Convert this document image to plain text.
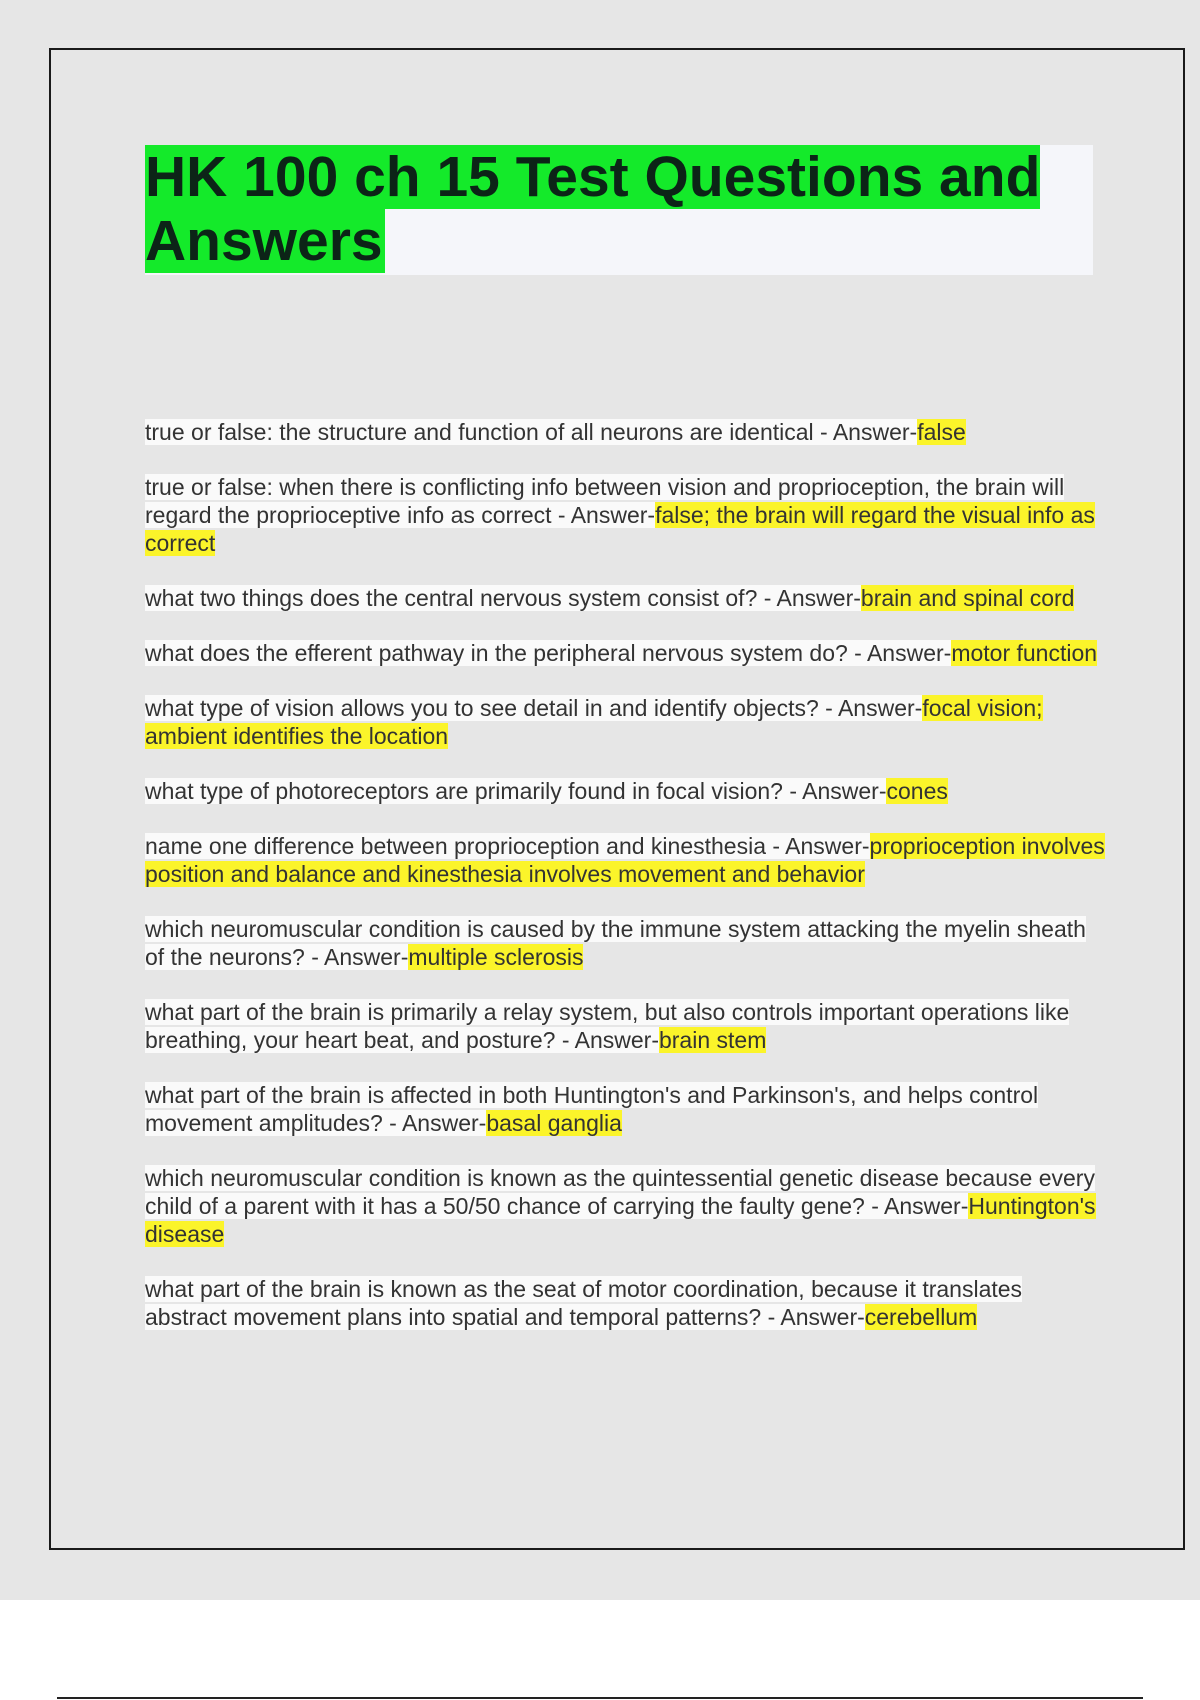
HK 100 ch 15 Test Questions and Answers

true or false: the structure and function of all neurons are identical - Answer-false

true or false: when there is conflicting info between vision and proprioception, the brain will regard the proprioceptive info as correct - Answer-false; the brain will regard the visual info as correct

what two things does the central nervous system consist of? - Answer-brain and spinal cord

what does the efferent pathway in the peripheral nervous system do? - Answer-motor function

what type of vision allows you to see detail in and identify objects? - Answer-focal vision; ambient identifies the location

what type of photoreceptors are primarily found in focal vision? - Answer-cones

name one difference between proprioception and kinesthesia - Answer-proprioception involves position and balance and kinesthesia involves movement and behavior

which neuromuscular condition is caused by the immune system attacking the myelin sheath of the neurons? - Answer-multiple sclerosis

what part of the brain is primarily a relay system, but also controls important operations like breathing, your heart beat, and posture? - Answer-brain stem

what part of the brain is affected in both Huntington's and Parkinson's, and helps control movement amplitudes? - Answer-basal ganglia

which neuromuscular condition is known as the quintessential genetic disease because every child of a parent with it has a 50/50 chance of carrying the faulty gene? - Answer-Huntington's disease

what part of the brain is known as the seat of motor coordination, because it translates abstract movement plans into spatial and temporal patterns? - Answer-cerebellum
